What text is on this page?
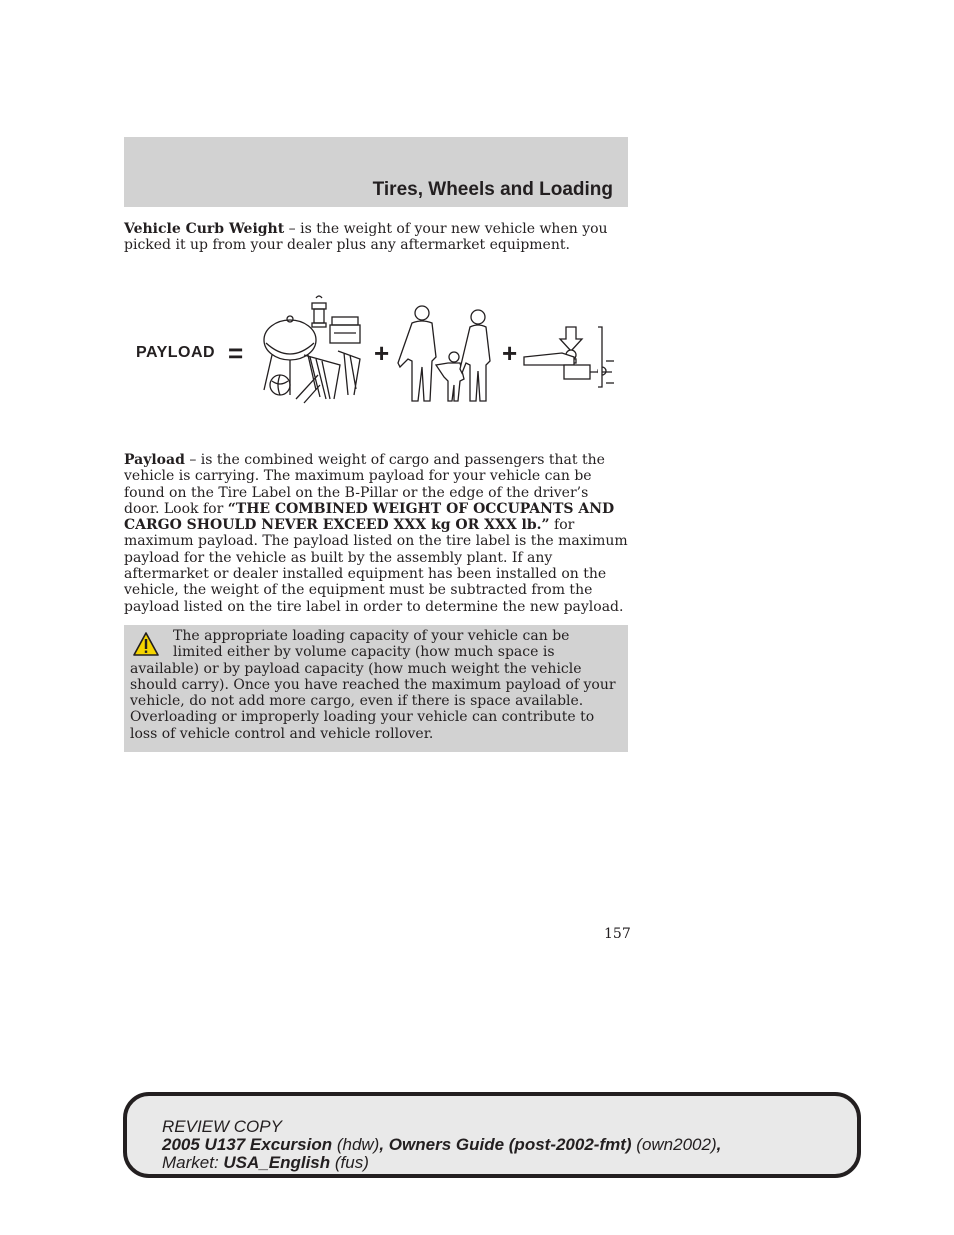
Tires, Wheels and Loading
Vehicle Curb Weight – is the weight of your new vehicle when you picked it up from your dealer plus any aftermarket equipment.
PAYLOAD =	+	+
Payload – is the combined weight of cargo and passengers that the vehicle is carrying. The maximum payload for your vehicle can be found on the Tire Label on the B-Pillar or the edge of the driver’s door. Look for “THE COMBINED WEIGHT OF OCCUPANTS AND CARGO SHOULD NEVER EXCEED XXX kg OR XXX lb.” for maximum payload. The payload listed on the tire label is the maximum payload for the vehicle as built by the assembly plant. If any aftermarket or dealer installed equipment has been installed on the vehicle, the weight of the equipment must be subtracted from the payload listed on the tire label in order to determine the new payload.
The appropriate loading capacity of your vehicle can be limited either by volume capacity (how much space is available) or by payload capacity (how much weight the vehicle should carry). Once you have reached the maximum payload of your vehicle, do not add more cargo, even if there is space available. Overloading or improperly loading your vehicle can contribute to loss of vehicle control and vehicle rollover.
157
REVIEW COPY
2005 U137 Excursion (hdw), Owners Guide (post-2002-fmt) (own2002),
Market: USA_English (fus)
